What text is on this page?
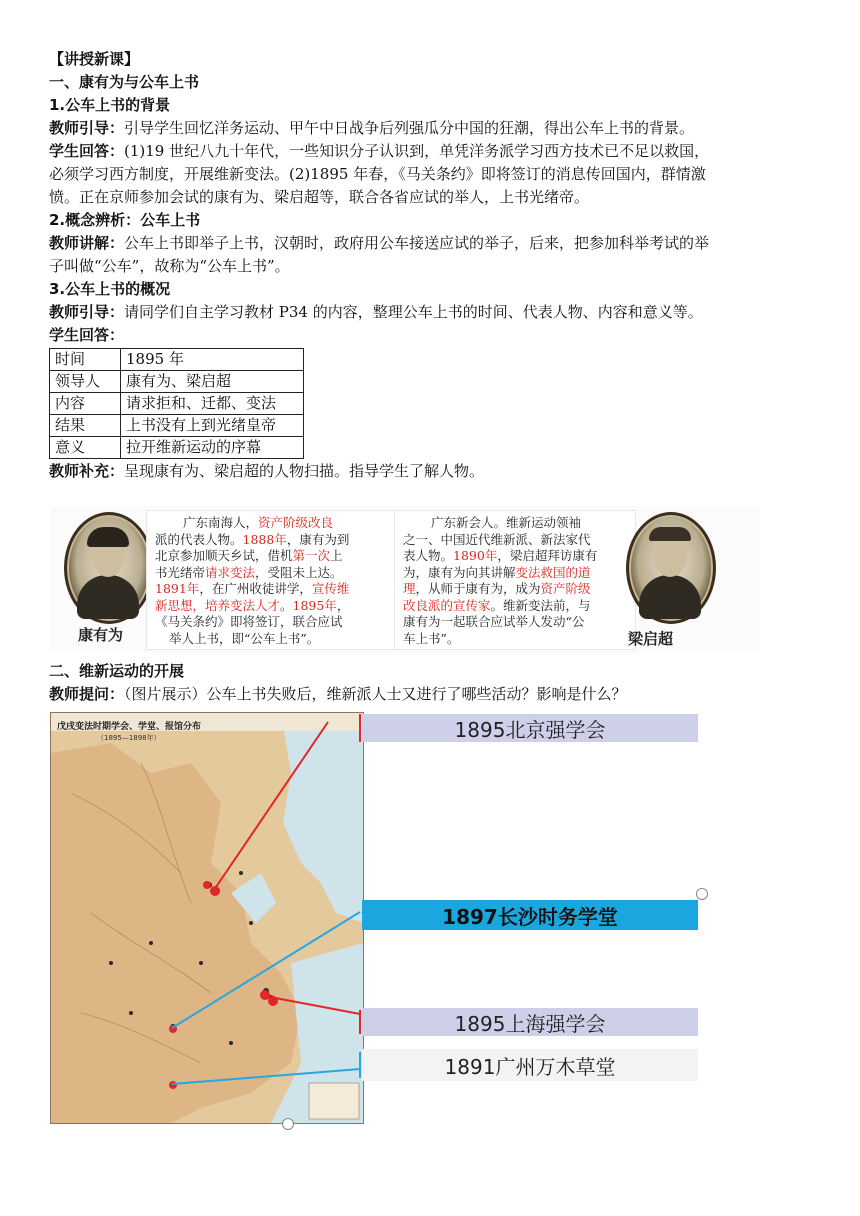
【讲授新课】
一、康有为与公车上书
1.公车上书的背景
教师引导：引导学生回忆洋务运动、甲午中日战争后列强瓜分中国的狂潮，得出公车上书的背景。
学生回答：(1)19 世纪八九十年代，一些知识分子认识到，单凭洋务派学习西方技术已不足以救国，
必须学习西方制度，开展维新变法。(2)1895 年春，《马关条约》即将签订的消息传回国内，群情激
愤。正在京师参加会试的康有为、梁启超等，联合各省应试的举人，上书光绪帝。
2.概念辨析：公车上书
教师讲解：公车上书即举子上书，汉朝时，政府用公车接送应试的举子，后来，把参加科举考试的举
子叫做“公车”，故称为“公车上书”。
3.公车上书的概况
教师引导：请同学们自主学习教材 P34 的内容，整理公车上书的时间、代表人物、内容和意义等。
学生回答：
时间	1895 年
领导人	康有为、梁启超
内容	请求拒和、迁都、变法
结果	上书没有上到光绪皇帝
意义	拉开维新运动的序幕
教师补充：呈现康有为、梁启超的人物扫描。指导学生了解人物。
康有为
广东南海人，资产阶级改良
派的代表人物。1888年，康有为到
北京参加顺天乡试，借机第一次上
书光绪帝请求变法，受阻未上达。
1891年，在广州收徒讲学，宣传维
新思想，培养变法人才。1895年，
《马关条约》即将签订，联合应试
举人上书，即“公车上书”。
广东新会人。维新运动领袖
之一、中国近代维新派、新法家代
表人物。1890年，梁启超拜访康有
为，康有为向其讲解变法救国的道
理，从师于康有为，成为资产阶级
改良派的宣传家。维新变法前，与
康有为一起联合应试举人发动“公
车上书”。	梁启超
二、维新运动的开展
教师提问：（图片展示）公车上书失败后，维新派人士又进行了哪些活动？影响是什么？
戊戌变法时期学会、学堂、报馆分布
（1895—1898年）	1895北京强学会
1897长沙时务学堂
1895上海强学会
1891广州万木草堂
